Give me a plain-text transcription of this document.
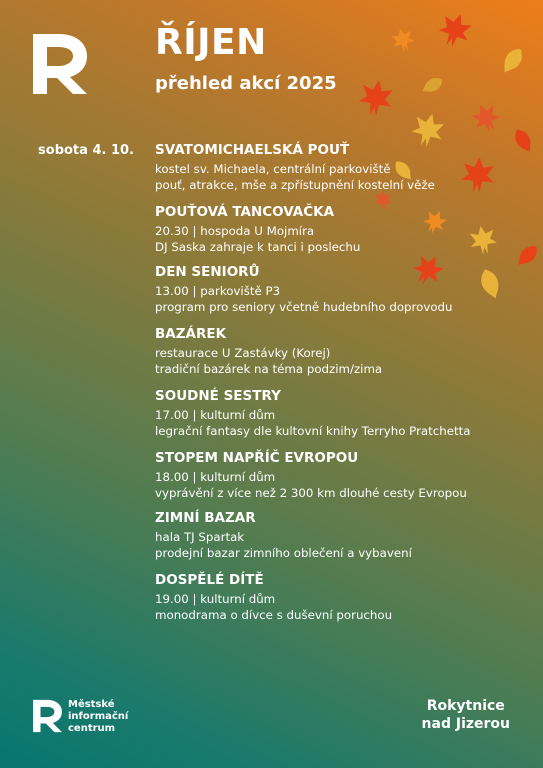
ŘÍJEN
přehled akcí 2025
sobota 4. 10. SVATOMICHAELSKÁ POUŤ
kostel sv. Michaela, centrální parkoviště
pouť, atrakce, mše a zpřístupnění kostelní věže
POUŤOVÁ TANCOVAČKA
20.30 | hospoda U Mojmíra
DJ Saska zahraje k tanci i poslechu
DEN SENIORŮ
13.00 | parkoviště P3
program pro seniory včetně hudebního doprovodu
BAZÁREK
restaurace U Zastávky (Korej)
tradiční bazárek na téma podzim/zima
SOUDNÉ SESTRY
17.00 | kulturní dům
legrační fantasy dle kultovní knihy Terryho Pratchetta
STOPEM NAPŘÍČ EVROPOU
18.00 | kulturní dům
vyprávění z více než 2 300 km dlouhé cesty Evropou
ZIMNÍ BAZAR
hala TJ Spartak
prodejní bazar zimního oblečení a vybavení
DOSPĚLÉ DÍTĚ
19.00 | kulturní dům
monodrama o dívce s duševní poruchou
Městské
informační
centrum
Rokytnice
nad Jizerou
